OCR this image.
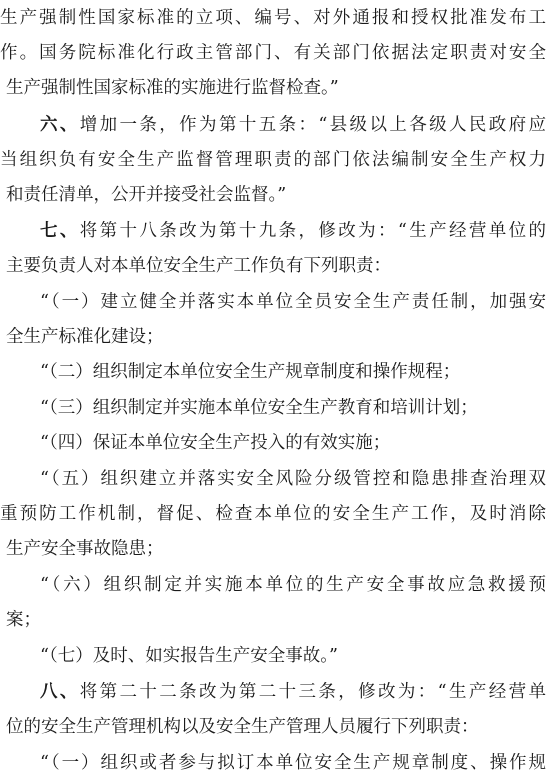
生产强制性国家标准的立项、编号、对外通报和授权批准发布工
作。国务院标准化行政主管部门、有关部门依据法定职责对安全
生产强制性国家标准的实施进行监督检查。”
六、增加一条，作为第十五条：“县级以上各级人民政府应
当组织负有安全生产监督管理职责的部门依法编制安全生产权力
和责任清单，公开并接受社会监督。”
七、将第十八条改为第十九条，修改为：“生产经营单位的
主要负责人对本单位安全生产工作负有下列职责：
“（一）建立健全并落实本单位全员安全生产责任制，加强安
全生产标准化建设；
“（二）组织制定本单位安全生产规章制度和操作规程；
“（三）组织制定并实施本单位安全生产教育和培训计划；
“（四）保证本单位安全生产投入的有效实施；
“（五）组织建立并落实安全风险分级管控和隐患排查治理双
重预防工作机制，督促、检查本单位的安全生产工作，及时消除
生产安全事故隐患；
“（六）组织制定并实施本单位的生产安全事故应急救援预
案；
“（七）及时、如实报告生产安全事故。”
八、将第二十二条改为第二十三条，修改为：“生产经营单
位的安全生产管理机构以及安全生产管理人员履行下列职责：
“（一）组织或者参与拟订本单位安全生产规章制度、操作规
